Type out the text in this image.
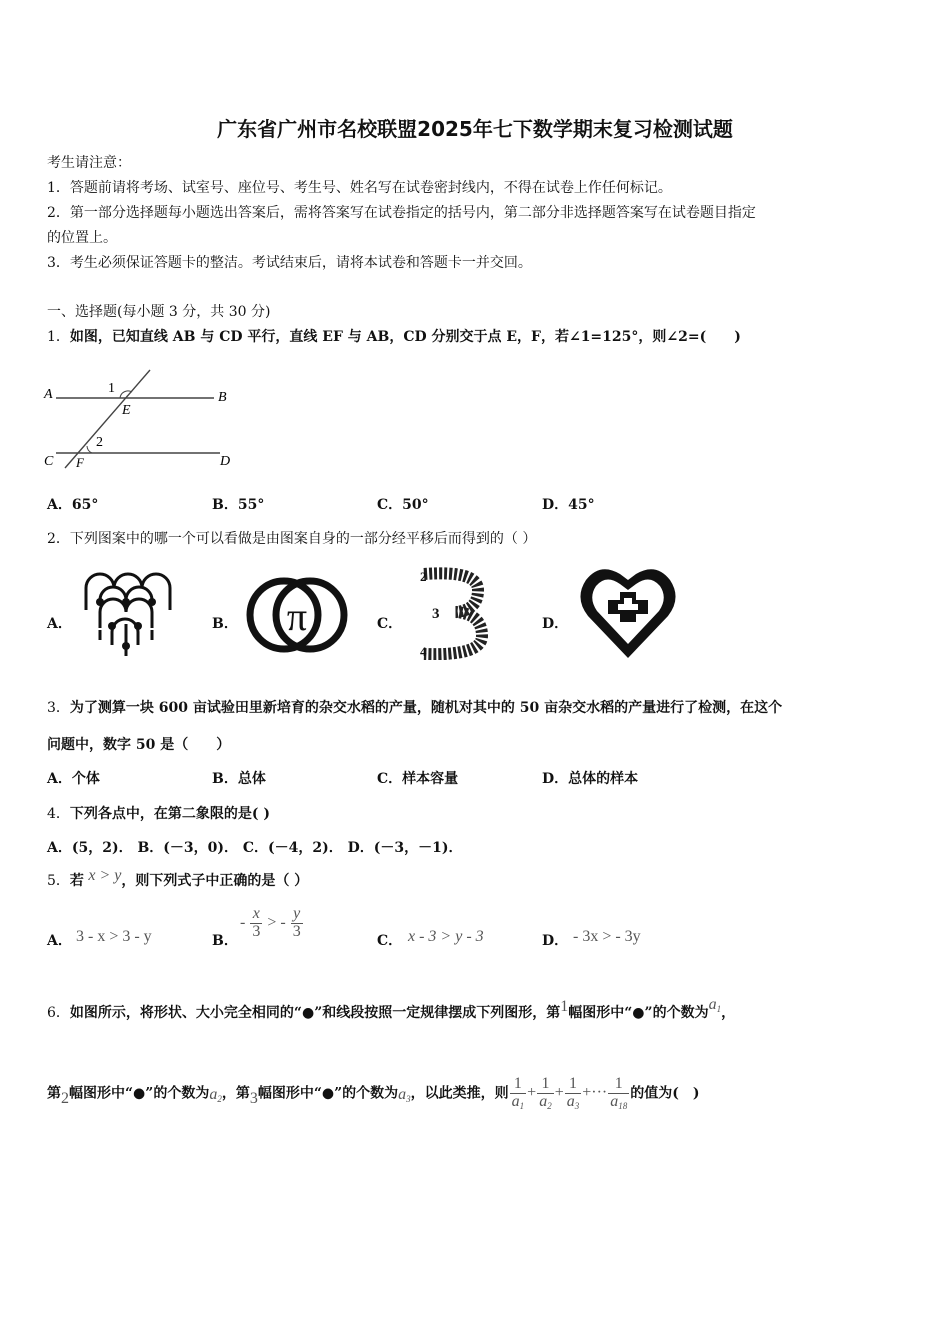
广东省广州市名校联盟2025年七下数学期末复习检测试题
考生请注意：
1．答题前请将考场、试室号、座位号、考生号、姓名写在试卷密封线内，不得在试卷上作任何标记。
2．第一部分选择题每小题选出答案后，需将答案写在试卷指定的括号内，第二部分非选择题答案写在试卷题目指定
的位置上。
3．考生必须保证答题卡的整洁。考试结束后，请将本试卷和答题卡一并交回。
一、选择题(每小题 3 分，共 30 分)
1．如图，已知直线 AB 与 CD 平行，直线 EF 与 AB，CD 分别交于点 E，F，若∠1=125°，则∠2=(　　)
A	B
C	D
E
F
1
2
A．65°	B．55°	C．50°	D．45°
2．下列图案中的哪一个可以看做是由图案自身的一部分经平移后而得到的（ ）
A．	B． π	C．
2
3
4
D．
3．为了测算一块 600 亩试验田里新培育的杂交水稻的产量，随机对其中的 50 亩杂交水稻的产量进行了检测，在这个
问题中，数字 50 是（　　）
A．个体	B．总体	C．样本容量	D．总体的样本
4．下列各点中，在第二象限的是( )
A．(5，2)． B．(－3，0)． C．(－4，2)． D．(－3，－1)．
5．若 x > y，则下列式子中正确的是（ ）
A． 3 - x > 3 - y	B．
- $\frac{x}{3}$ > - $\frac{y}{3}$
C． x - 3 > y - 3	D． - 3x > - 3y
6．如图所示，将形状、大小完全相同的“●”和线段按照一定规律摆成下列图形，第1幅图形中“●”的个数为$a_1$，
第2幅图形中“●”的个数为$a_2$，第3幅图形中“●”的个数为$a_3$，以此类推，则 $\frac{1}{a_1} + \frac{1}{a_2} + \frac{1}{a_3}$ +··· $\frac{1}{a_{18}}$ 的值为(　)
